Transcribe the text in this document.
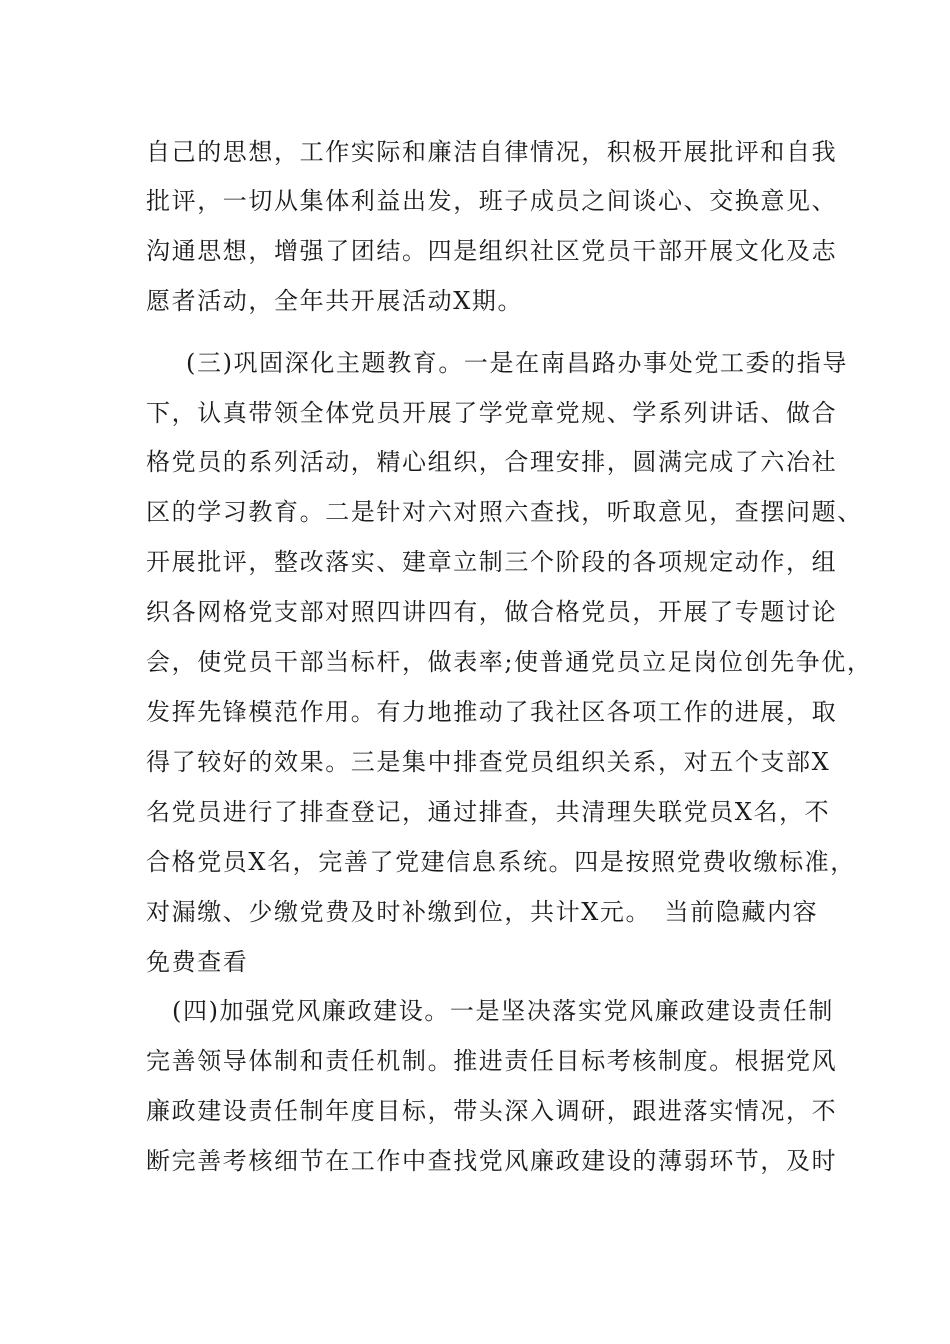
自己的思想，工作实际和廉洁自律情况，积极开展批评和自我
批评，一切从集体利益出发，班子成员之间谈心、交换意见、
沟通思想，增强了团结。四是组织社区党员干部开展文化及志
愿者活动，全年共开展活动X期。
(三)巩固深化主题教育。一是在南昌路办事处党工委的指导
下，认真带领全体党员开展了学党章党规、学系列讲话、做合
格党员的系列活动，精心组织，合理安排，圆满完成了六冶社
区的学习教育。二是针对六对照六查找，听取意见，查摆问题、
开展批评，整改落实、建章立制三个阶段的各项规定动作，组
织各网格党支部对照四讲四有，做合格党员，开展了专题讨论
会，使党员干部当标杆，做表率;使普通党员立足岗位创先争优，
发挥先锋模范作用。有力地推动了我社区各项工作的进展，取
得了较好的效果。三是集中排查党员组织关系，对五个支部X
名党员进行了排查登记，通过排查，共清理失联党员X名，不
合格党员X名，完善了党建信息系统。四是按照党费收缴标准，
对漏缴、少缴党费及时补缴到位，共计X元。　当前隐藏内容
免费查看
(四)加强党风廉政建设。一是坚决落实党风廉政建设责任制
完善领导体制和责任机制。推进责任目标考核制度。根据党风
廉政建设责任制年度目标，带头深入调研，跟进落实情况，不
断完善考核细节在工作中查找党风廉政建设的薄弱环节，及时
